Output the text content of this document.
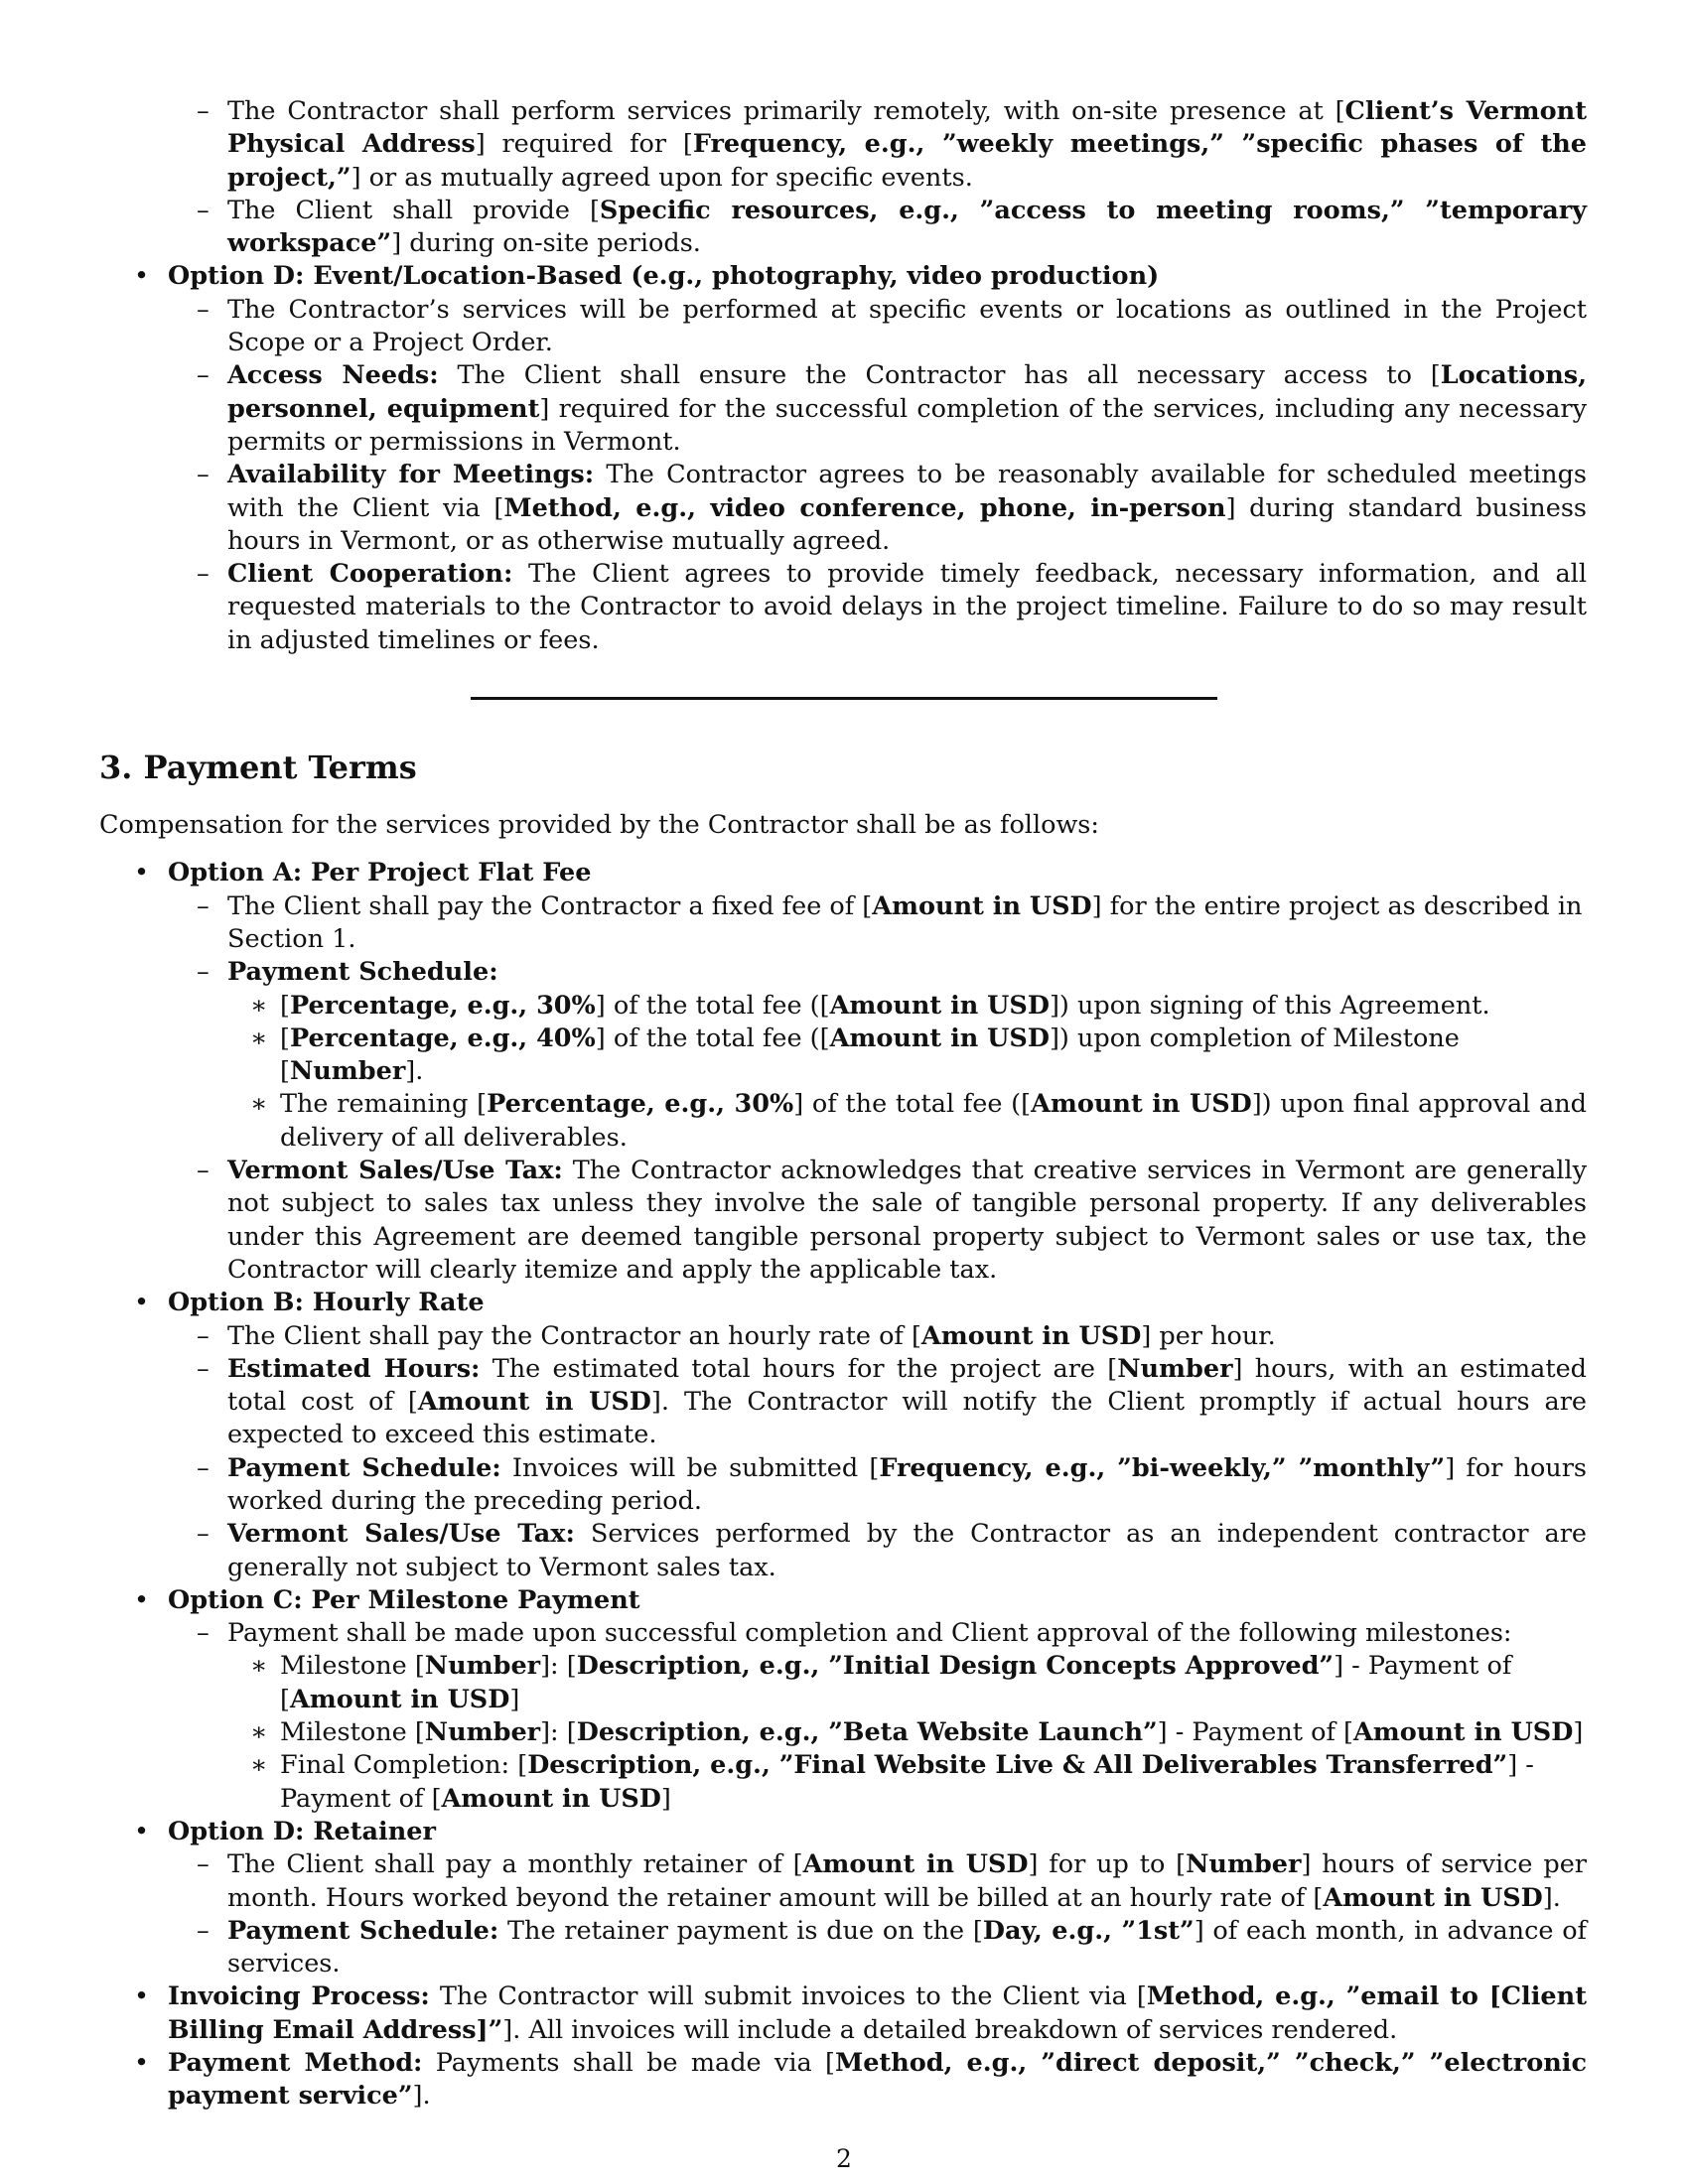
– The Contractor shall perform services primarily remotely, with on-site presence at [Client’s Vermont Physical Address] required for [Frequency, e.g., ”weekly meetings,” ”specific phases of the project,”] or as mutually agreed upon for specific events.
– The Client shall provide [Specific resources, e.g., ”access to meeting rooms,” ”temporary workspace”] during on-site periods.
• Option D: Event/Location-Based (e.g., photography, video production)
– The Contractor’s services will be performed at specific events or locations as outlined in the Project Scope or a Project Order.
– Access Needs: The Client shall ensure the Contractor has all necessary access to [Locations, personnel, equipment] required for the successful completion of the services, including any necessary permits or permissions in Vermont.
– Availability for Meetings: The Contractor agrees to be reasonably available for scheduled meetings with the Client via [Method, e.g., video conference, phone, in-person] during standard business hours in Vermont, or as otherwise mutually agreed.
– Client Cooperation: The Client agrees to provide timely feedback, necessary information, and all requested materials to the Contractor to avoid delays in the project timeline. Failure to do so may result in adjusted timelines or fees.
3. Payment Terms
Compensation for the services provided by the Contractor shall be as follows:
• Option A: Per Project Flat Fee
– The Client shall pay the Contractor a fixed fee of [Amount in USD] for the entire project as described in Section 1.
– Payment Schedule:
∗ [Percentage, e.g., 30%] of the total fee ([Amount in USD]) upon signing of this Agreement.
∗ [Percentage, e.g., 40%] of the total fee ([Amount in USD]) upon completion of Milestone [Number].
∗ The remaining [Percentage, e.g., 30%] of the total fee ([Amount in USD]) upon final approval and delivery of all deliverables.
– Vermont Sales/Use Tax: The Contractor acknowledges that creative services in Vermont are generally not subject to sales tax unless they involve the sale of tangible personal property. If any deliverables under this Agreement are deemed tangible personal property subject to Vermont sales or use tax, the Contractor will clearly itemize and apply the applicable tax.
• Option B: Hourly Rate
– The Client shall pay the Contractor an hourly rate of [Amount in USD] per hour.
– Estimated Hours: The estimated total hours for the project are [Number] hours, with an estimated total cost of [Amount in USD]. The Contractor will notify the Client promptly if actual hours are expected to exceed this estimate.
– Payment Schedule: Invoices will be submitted [Frequency, e.g., ”bi-weekly,” ”monthly”] for hours worked during the preceding period.
– Vermont Sales/Use Tax: Services performed by the Contractor as an independent contractor are generally not subject to Vermont sales tax.
• Option C: Per Milestone Payment
– Payment shall be made upon successful completion and Client approval of the following milestones:
∗ Milestone [Number]: [Description, e.g., ”Initial Design Concepts Approved”] - Payment of [Amount in USD]
∗ Milestone [Number]: [Description, e.g., ”Beta Website Launch”] - Payment of [Amount in USD]
∗ Final Completion: [Description, e.g., ”Final Website Live & All Deliverables Transferred”] - Payment of [Amount in USD]
• Option D: Retainer
– The Client shall pay a monthly retainer of [Amount in USD] for up to [Number] hours of service per month. Hours worked beyond the retainer amount will be billed at an hourly rate of [Amount in USD].
– Payment Schedule: The retainer payment is due on the [Day, e.g., ”1st”] of each month, in advance of services.
• Invoicing Process: The Contractor will submit invoices to the Client via [Method, e.g., ”email to [Client Billing Email Address]”]. All invoices will include a detailed breakdown of services rendered.
• Payment Method: Payments shall be made via [Method, e.g., ”direct deposit,” ”check,” ”electronic payment service”].
2
